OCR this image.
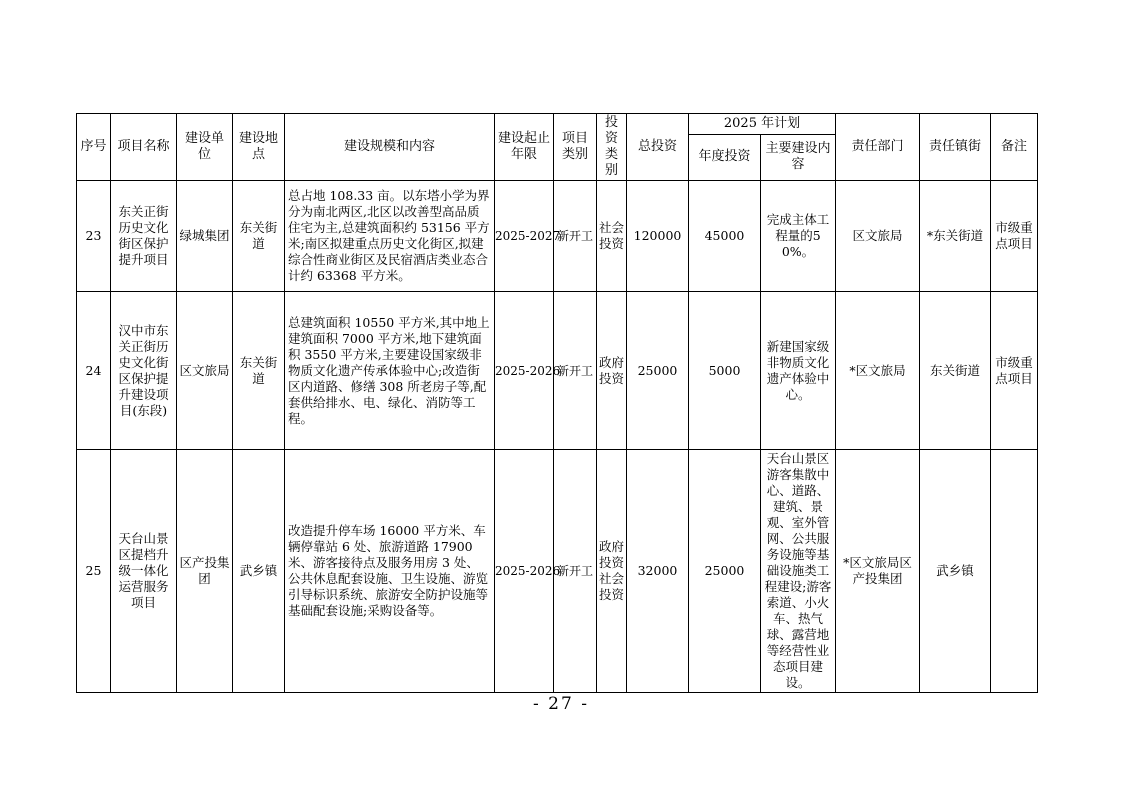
序号	项目名称	建设单位	建设地点	建设规模和内容	建设起止年限	项目类别	投资类别	总投资	2025 年计划		责任部门	责任镇街	备注
									年度投资	主要建设内容			
23	东关正街历史文化街区保护提升项目	绿城集团	东关街道	总占地 108.33 亩。以东塔小学为界分为南北两区,北区以改善型高品质住宅为主,总建筑面积约 53156 平方米;南区拟建重点历史文化街区,拟建综合性商业街区及民宿酒店类业态合计约 63368 平方米。	2025-2027	新开工	社会投资	120000	45000	完成主体工程量的50%。	区文旅局	*东关街道	市级重点项目
24	汉中市东关正街历史文化街区保护提升建设项目(东段)	区文旅局	东关街道	总建筑面积 10550 平方米,其中地上建筑面积 7000 平方米,地下建筑面积 3550 平方米,主要建设国家级非物质文化遗产传承体验中心;改造街区内道路、修缮 308 所老房子等,配套供给排水、电、绿化、消防等工程。	2025-2026	新开工	政府投资	25000	5000	新建国家级非物质文化遗产体验中心。	*区文旅局	东关街道	市级重点项目
25	天台山景区提档升级一体化运营服务项目	区产投集团	武乡镇	改造提升停车场 16000 平方米、车辆停靠站 6 处、旅游道路 17900 米、游客接待点及服务用房 3 处、公共休息配套设施、卫生设施、游览引导标识系统、旅游安全防护设施等基础配套设施;采购设备等。	2025-2026	新开工	政府投资社会投资	32000	25000	天台山景区游客集散中心、道路、建筑、景观、室外管网、公共服务设施等基础设施类工程建设;游客索道、小火车、热气球、露营地等经营性业态项目建设。	*区文旅局区产投集团	武乡镇	
- 27 -
